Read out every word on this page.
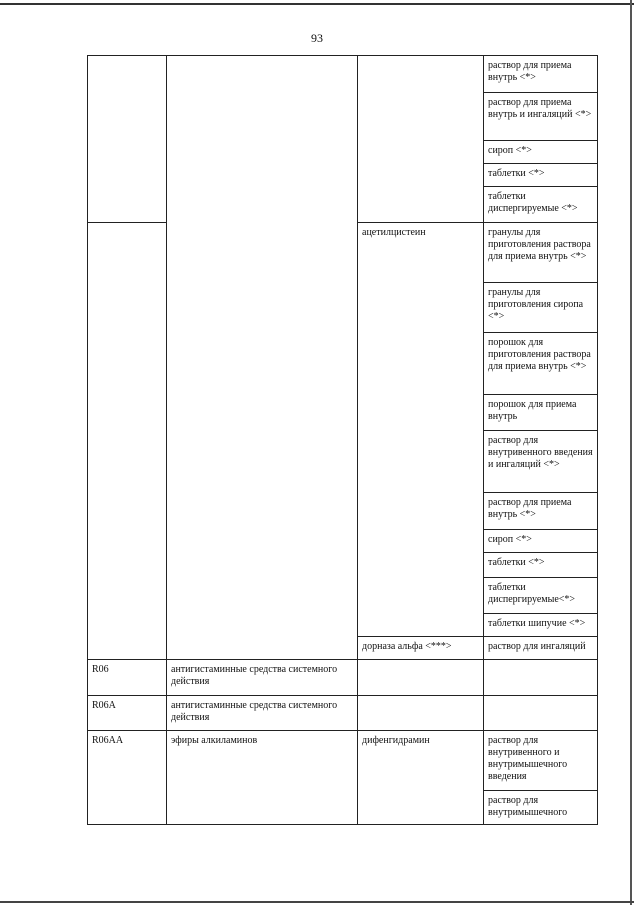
93
			раствор для приема внутрь <*>
			раствор для приема внутрь и ингаляций <*>
			сироп <*>
			таблетки <*>
			таблетки диспергируемые <*>
		ацетилцистеин	гранулы для приготовления раствора для приема внутрь <*>
			гранулы для приготовления сиропа <*>
			порошок для приготовления раствора для приема внутрь <*>
			порошок для приема внутрь
			раствор для внутривенного введения и ингаляций <*>
			раствор для приема внутрь <*>
			сироп <*>
			таблетки <*>
			таблетки диспергируемые<*>
			таблетки шипучие <*>
		дорназа альфа <***>	раствор для ингаляций
R06	антигистаминные средства системного действия		
R06A	антигистаминные средства системного действия		
R06AA	эфиры алкиламинов	дифенгидрамин	раствор для внутривенного и внутримышечного введения
			раствор для внутримышечного
